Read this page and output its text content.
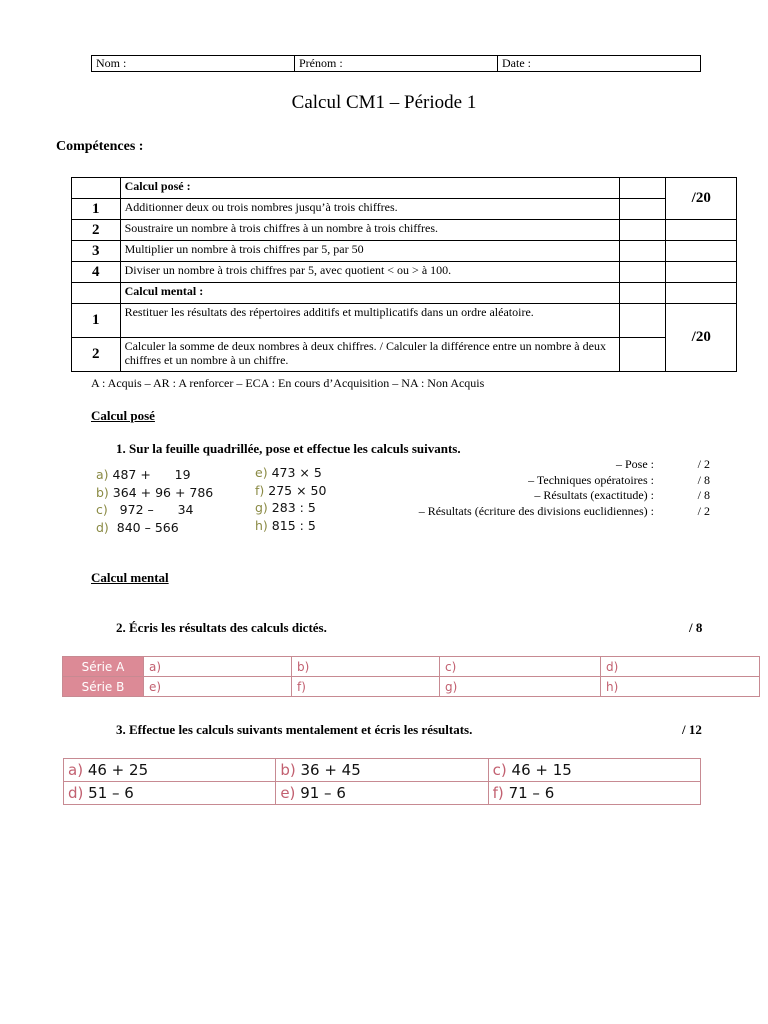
Nom :	Prénom :	Date :
Calcul CM1 – Période 1
Compétences :
	Calcul posé :		/20
1	Additionner deux ou trois nombres jusqu’à trois chiffres.		
2	Soustraire un nombre à trois chiffres à un nombre à trois chiffres.		
3	Multiplier un nombre à trois chiffres par 5, par 50		
4	Diviser un nombre à trois chiffres par 5, avec quotient < ou > à 100.		
	Calcul mental :		
1	Restituer les résultats des répertoires additifs et multiplicatifs dans un ordre aléatoire.		/20
2	Calculer la somme de deux nombres à deux chiffres. / Calculer la différence entre un nombre à deux chiffres et un nombre à un chiffre.		
A : Acquis – AR : A renforcer – ECA : En cours d’Acquisition – NA : Non Acquis
Calcul posé
1. Sur la feuille quadrillée, pose et effectue les calculs suivants.
a) 487 +      19
b) 364 + 96 + 786
c)   972 –      34
d)  840 – 566
e) 473 × 5
f) 275 × 50
g) 283 : 5
h) 815 : 5
– Pose :	/ 2
– Techniques opératoires :	/ 8
– Résultats (exactitude) :	/ 8
– Résultats (écriture des divisions euclidiennes) :	/ 2
Calcul mental
2. Écris les résultats des calculs dictés.	/ 8
Série A	a)	b)	c)	d)
Série B	e)	f)	g)	h)
3. Effectue les calculs suivants mentalement et écris les résultats.	/ 12
a) 46 + 25	b) 36 + 45	c) 46 + 15
d) 51 – 6	e) 91 – 6	f) 71 – 6
